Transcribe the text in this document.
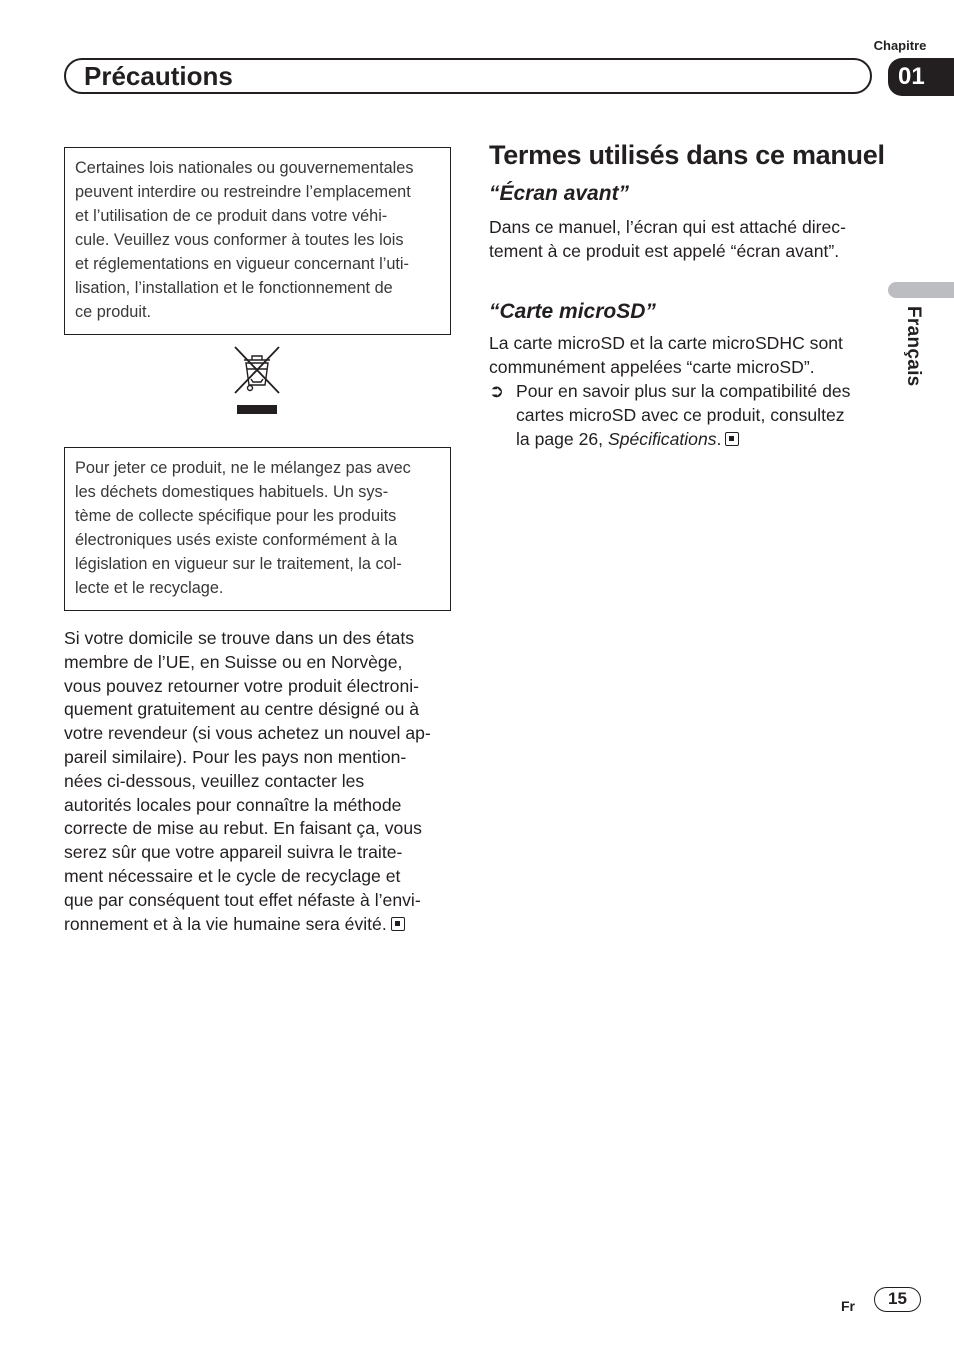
Chapitre
Précautions	01
Français
Certaines lois nationales ou gouvernementales
peuvent interdire ou restreindre l’emplacement
et l’utilisation de ce produit dans votre véhi-
cule. Veuillez vous conformer à toutes les lois
et réglementations en vigueur concernant l’uti-
lisation, l’installation et le fonctionnement de
ce produit.
Pour jeter ce produit, ne le mélangez pas avec
les déchets domestiques habituels. Un sys-
tème de collecte spécifique pour les produits
électroniques usés existe conformément à la
législation en vigueur sur le traitement, la col-
lecte et le recyclage.
Si votre domicile se trouve dans un des états
membre de l’UE, en Suisse ou en Norvège,
vous pouvez retourner votre produit électroni-
quement gratuitement au centre désigné ou à
votre revendeur (si vous achetez un nouvel ap-
pareil similaire). Pour les pays non mention-
nées ci-dessous, veuillez contacter les
autorités locales pour connaître la méthode
correcte de mise au rebut. En faisant ça, vous
serez sûr que votre appareil suivra le traite-
ment nécessaire et le cycle de recyclage et
que par conséquent tout effet néfaste à l’envi-
ronnement et à la vie humaine sera évité.
Termes utilisés dans ce manuel
“Écran avant”
Dans ce manuel, l’écran qui est attaché direc-
tement à ce produit est appelé “écran avant”.
“Carte microSD”
La carte microSD et la carte microSDHC sont
communément appelées “carte microSD”.
➲ Pour en savoir plus sur la compatibilité des
cartes microSD avec ce produit, consultez
la page 26, Spécifications.
Fr	15
